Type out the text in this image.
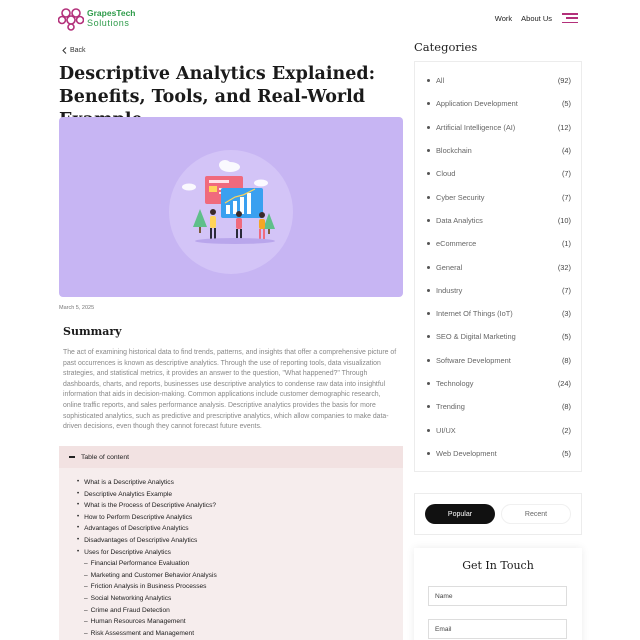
GrapesTech
Solutions	Work About Us
Back
Descriptive Analytics Explained: Benefits, Tools, and Real-World
March 5, 2025
Summary

The act of examining historical data to find trends, patterns, and insights that offer a comprehensive picture of past occurrences is known as descriptive analytics. Through the use of reporting tools, data visualization strategies, and statistical metrics, it provides an answer to the question, "What happened?" Through dashboards, charts, and reports, businesses use descriptive analytics to condense raw data into insightful information that aids in decision-making. Common applications include customer demographic research, online traffic reports, and sales performance analysis. Descriptive analytics provides the basis for more sophisticated analytics, such as predictive and prescriptive analytics, which allow companies to make data-driven decisions, even though they cannot forecast future events.

Table of content
• What is a Descriptive Analytics
• Descriptive Analytics Example
• What is the Process of Descriptive Analytics?
• How to Perform Descriptive Analytics
• Advantages of Descriptive Analytics
• Disadvantages of Descriptive Analytics
• Uses for Descriptive Analytics
– Financial Performance Evaluation
– Marketing and Customer Behavior Analysis
– Friction Analysis in Business Processes
– Social Networking Analytics
– Crime and Fraud Detection
– Human Resources Management
– Risk Assessment and Management
Categories
All	(92)
Application Development	(5)
Artificial Intelligence (AI)	(12)
Blockchain	(4)
Cloud	(7)
Cyber Security	(7)
Data Analytics	(10)
eCommerce	(1)
General	(32)
Industry	(7)
Internet Of Things (IoT)	(3)
SEO & Digital Marketing	(5)
Software Development	(8)
Technology	(24)
Trending	(8)
UI/UX	(2)
Web Development	(5)
Popular	Recent
Get In Touch
Name
Email
